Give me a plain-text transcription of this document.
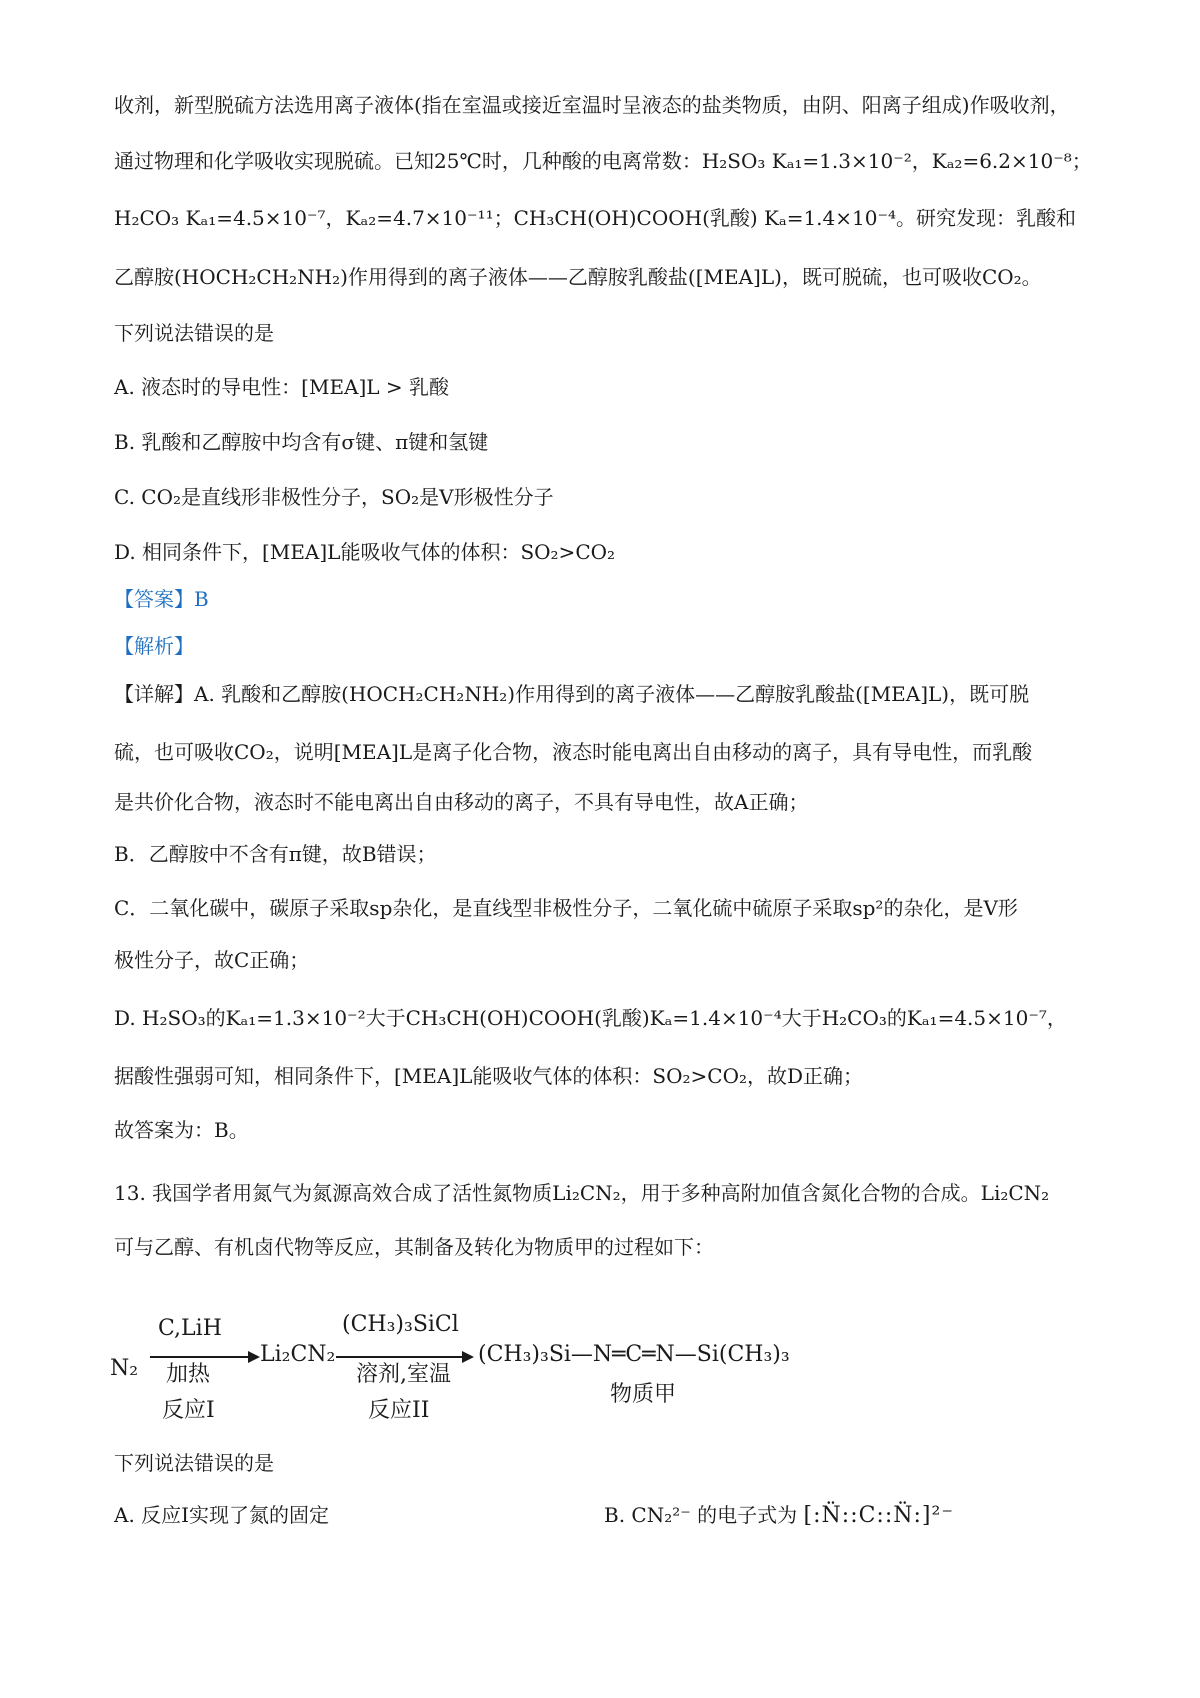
收剂，新型脱硫方法选用离子液体(指在室温或接近室温时呈液态的盐类物质，由阴、阳离子组成)作吸收剂，
通过物理和化学吸收实现脱硫。已知25℃时，几种酸的电离常数：H₂SO₃ Kₐ₁=1.3×10⁻²，Kₐ₂=6.2×10⁻⁸；
H₂CO₃ Kₐ₁=4.5×10⁻⁷，Kₐ₂=4.7×10⁻¹¹；CH₃CH(OH)COOH(乳酸) Kₐ=1.4×10⁻⁴。研究发现：乳酸和
乙醇胺(HOCH₂CH₂NH₂)作用得到的离子液体——乙醇胺乳酸盐([MEA]L)，既可脱硫，也可吸收CO₂。
下列说法错误的是
A. 液态时的导电性：[MEA]L > 乳酸
B. 乳酸和乙醇胺中均含有σ键、π键和氢键
C. CO₂是直线形非极性分子，SO₂是V形极性分子
D. 相同条件下，[MEA]L能吸收气体的体积：SO₂>CO₂
【答案】B
【解析】
【详解】A. 乳酸和乙醇胺(HOCH₂CH₂NH₂)作用得到的离子液体——乙醇胺乳酸盐([MEA]L)，既可脱
硫，也可吸收CO₂，说明[MEA]L是离子化合物，液态时能电离出自由移动的离子，具有导电性，而乳酸
是共价化合物，液态时不能电离出自由移动的离子，不具有导电性，故A正确；
B．乙醇胺中不含有π键，故B错误；
C．二氧化碳中，碳原子采取sp杂化，是直线型非极性分子，二氧化硫中硫原子采取sp²的杂化，是V形
极性分子，故C正确；
D. H₂SO₃的Kₐ₁=1.3×10⁻²大于CH₃CH(OH)COOH(乳酸)Kₐ=1.4×10⁻⁴大于H₂CO₃的Kₐ₁=4.5×10⁻⁷，
据酸性强弱可知，相同条件下，[MEA]L能吸收气体的体积：SO₂>CO₂，故D正确；
故答案为：B。
13. 我国学者用氮气为氮源高效合成了活性氮物质Li₂CN₂，用于多种高附加值含氮化合物的合成。Li₂CN₂
可与乙醇、有机卤代物等反应，其制备及转化为物质甲的过程如下：
N₂
C,LiH
加热
反应I
Li₂CN₂
(CH₃)₃SiCl
溶剂,室温
反应II
(CH₃)₃Si—N═C═N—Si(CH₃)₃
物质甲
下列说法错误的是
A. 反应Ⅰ实现了氮的固定	B. CN₂²⁻ 的电子式为 [:N̈::C::N̈:]²⁻
